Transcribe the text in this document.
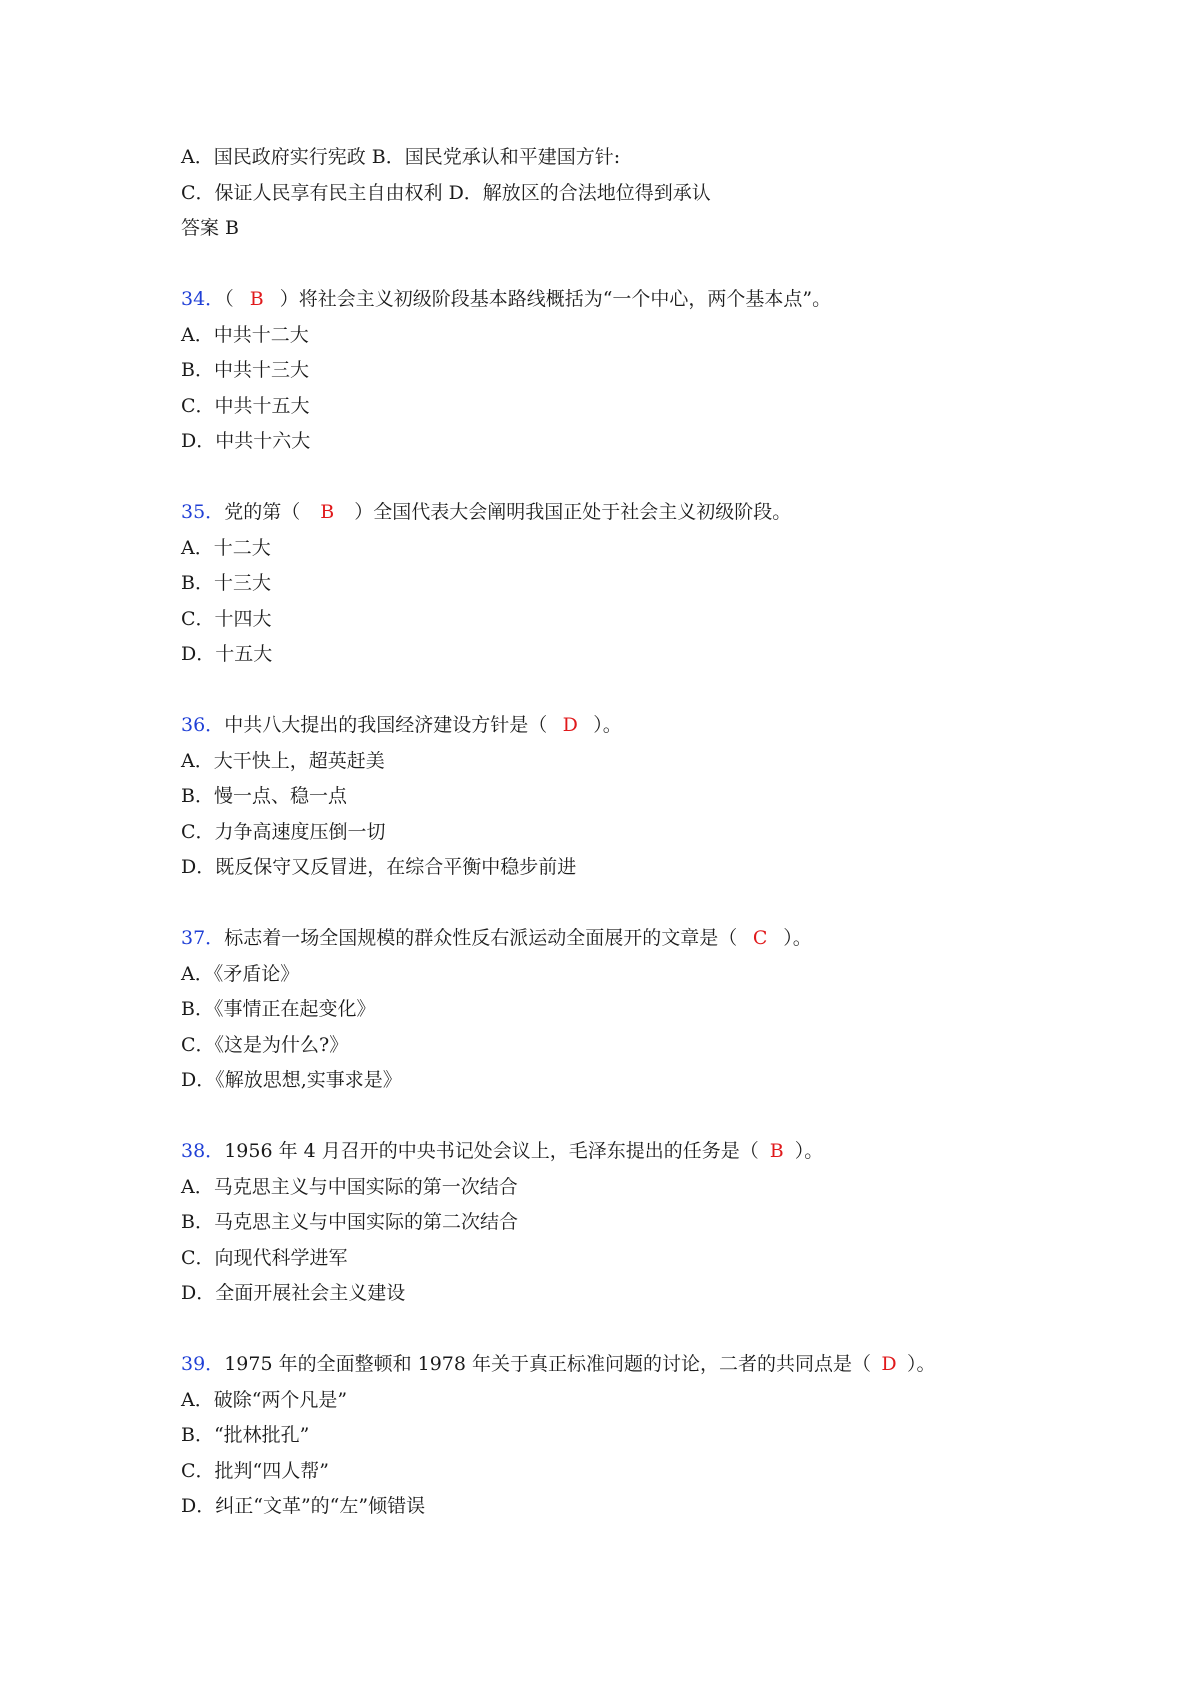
A．国民政府实行宪政 B．国民党承认和平建国方针:
C．保证人民享有民主自由权利 D．解放区的合法地位得到承认
答案 B
34．（ B ）将社会主义初级阶段基本路线概括为“一个中心，两个基本点”。
A．中共十二大
B．中共十三大
C．中共十五大
D．中共十六大
35．党的第（ B ）全国代表大会阐明我国正处于社会主义初级阶段。
A．十二大
B．十三大
C．十四大
D．十五大
36．中共八大提出的我国经济建设方针是（ D ）。
A．大干快上，超英赶美
B．慢一点、稳一点
C．力争高速度压倒一切
D．既反保守又反冒进，在综合平衡中稳步前进
37．标志着一场全国规模的群众性反右派运动全面展开的文章是（ C ）。
A．《矛盾论》
B．《事情正在起变化》
C．《这是为什么?》
D．《解放思想,实事求是》
38．1956 年 4 月召开的中央书记处会议上，毛泽东提出的任务是（ B ）。
A．马克思主义与中国实际的第一次结合
B．马克思主义与中国实际的第二次结合
C．向现代科学进军
D．全面开展社会主义建设
39．1975 年的全面整顿和 1978 年关于真正标准问题的讨论，二者的共同点是（ D ）。
A．破除“两个凡是”
B．“批林批孔”
C．批判“四人帮”
D．纠正“文革”的“左”倾错误
